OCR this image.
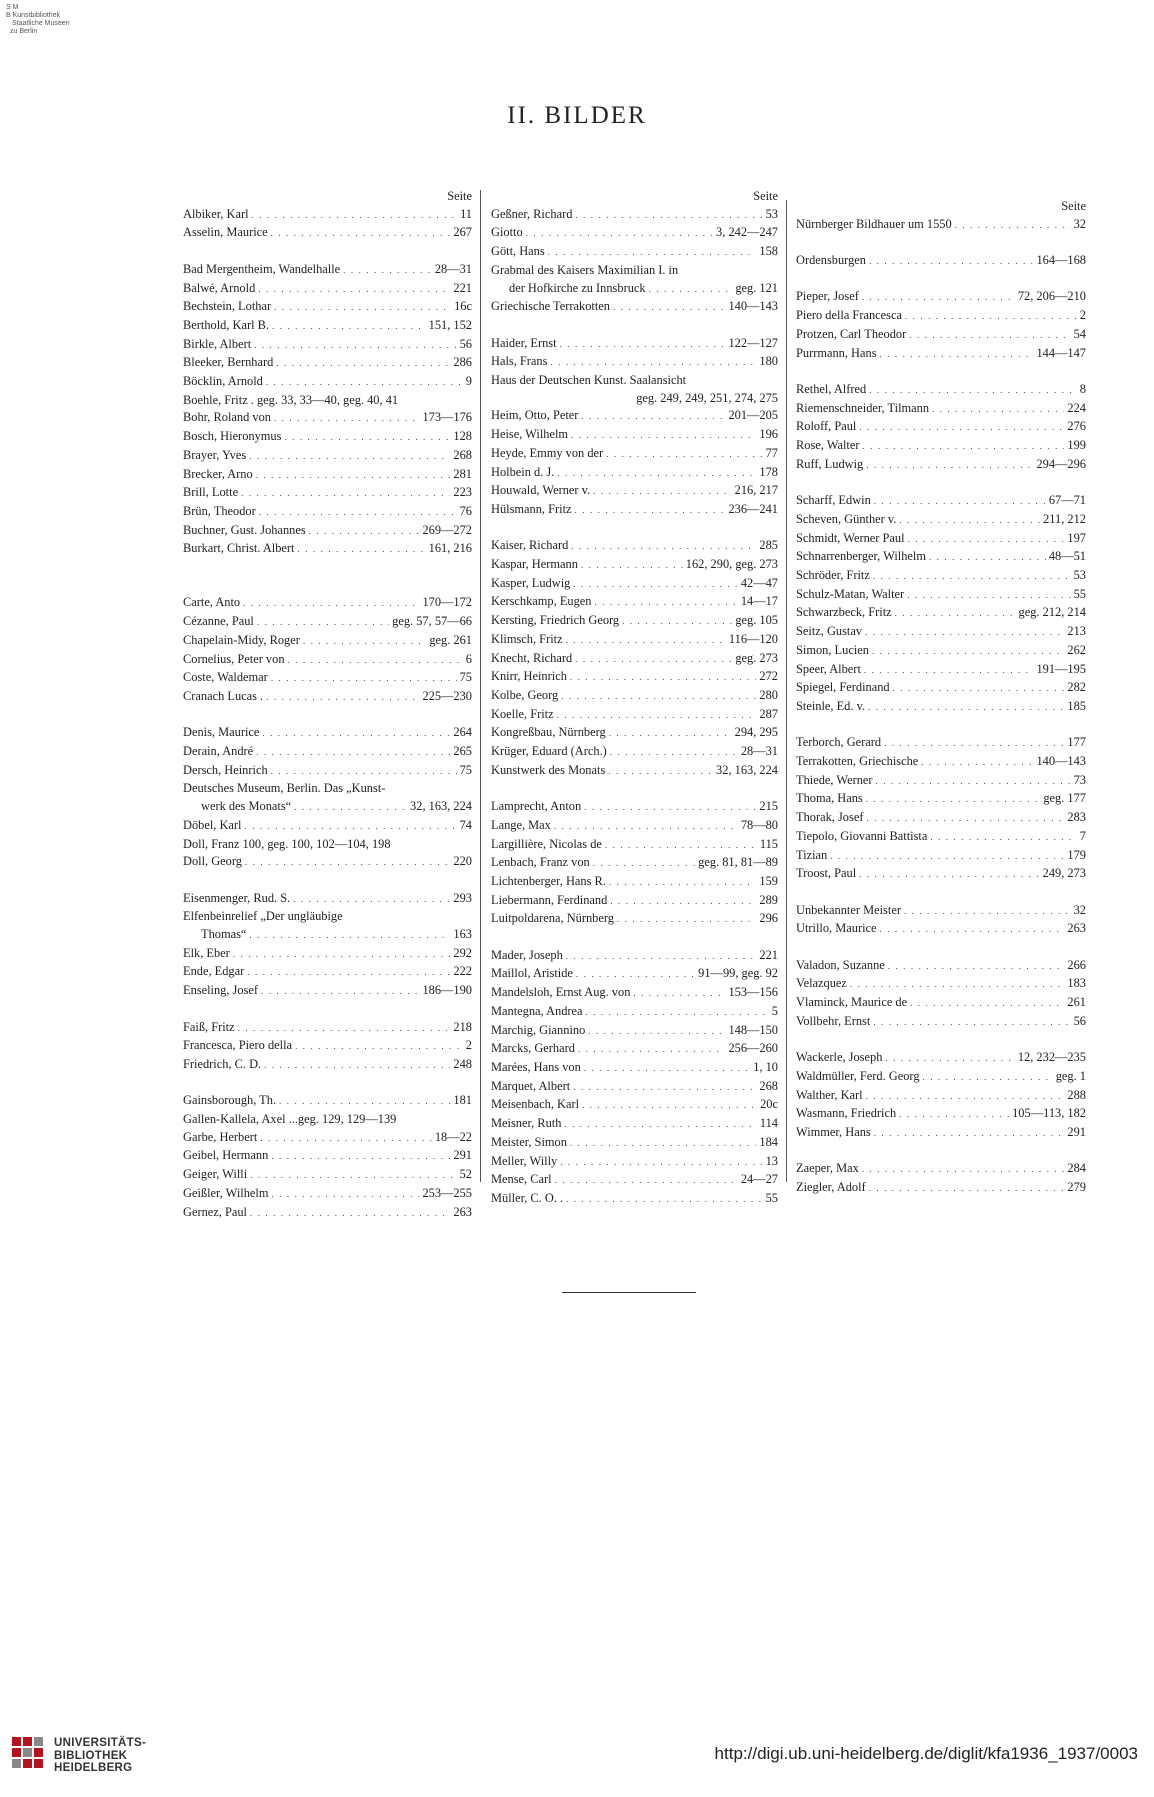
S M
B Kunstbibliothek
Staatliche Museen
zu Berlin
II. BILDER
Seite
Albiker, Karl . . .	11
Asselin, Maurice . . .	267
Bad Mergentheim, Wandelhalle . . .	28—31
Balwé, Arnold . . .	221
Bechstein, Lothar . . .	16c
Berthold, Karl B. . . .	151, 152
Birkle, Albert . . .	56
Bleeker, Bernhard . . .	286
Böcklin, Arnold . . .	9
Boehle, Fritz . geg. 33, 33—40, geg. 40, 41
Bohr, Roland von . . .	173—176
Bosch, Hieronymus . . .	128
Brayer, Yves . . .	268
Brecker, Arno . . .	281
Brill, Lotte . . .	223
Brün, Theodor . . .	76
Buchner, Gust. Johannes . . .	269—272
Burkart, Christ. Albert . . .	161, 216
Carte, Anto . . .	170—172
Cézanne, Paul . . .	geg. 57, 57—66
Chapelain-Midy, Roger . . .	geg. 261
Cornelius, Peter von . . .	6
Coste, Waldemar . . .	75
Cranach Lucas . . . .	225—230
Denis, Maurice . . .	264
Derain, André . . .	265
Dersch, Heinrich . . .	75
Deutsches Museum, Berlin. Das „Kunst-
werk des Monats“ . . .	32, 163, 224
Döbel, Karl . . .	74
Doll, Franz 100, geg. 100, 102—104, 198
Doll, Georg . . .	220
Eisenmenger, Rud. S. . . .	293
Elfenbeinrelief „Der ungläubige
Thomas“ . . .	163
Elk, Eber . . .	292
Ende, Edgar . . .	222
Enseling, Josef . . .	186—190
Faiß, Fritz . . .	218
Francesca, Piero della . . .	2
Friedrich, C. D. . . .	248
Gainsborough, Th. . . .	181
Gallen-Kallela, Axel ...geg. 129, 129—139
Garbe, Herbert . . .	18—22
Geibel, Hermann . . .	291
Geiger, Willi . . .	52
Geißler, Wilhelm . . .	253—255
Gernez, Paul . . .	263
Seite
Geßner, Richard . . .	53
Giotto . . .	3, 242—247
Gött, Hans . . .	158
Grabmal des Kaisers Maximilian I. in
der Hofkirche zu Innsbruck . . .	geg. 121
Griechische Terrakotten . . .	140—143
Haider, Ernst . . .	122—127
Hals, Frans . . .	180
Haus der Deutschen Kunst. Saalansicht
geg. 249, 249, 251, 274, 275
Heim, Otto, Peter . . .	201—205
Heise, Wilhelm . . .	196
Heyde, Emmy von der . . .	77
Holbein d. J. . . .	178
Houwald, Werner v. . . .	216, 217
Hülsmann, Fritz . . .	236—241
Kaiser, Richard . . .	285
Kaspar, Hermann . . .	162, 290, geg. 273
Kasper, Ludwig . . .	42—47
Kerschkamp, Eugen . . .	14—17
Kersting, Friedrich Georg . . .	geg. 105
Klimsch, Fritz . . .	116—120
Knecht, Richard . . .	geg. 273
Knirr, Heinrich . . .	272
Kolbe, Georg . . .	280
Koelle, Fritz . . .	287
Kongreßbau, Nürnberg . . .	294, 295
Krüger, Eduard (Arch.) . . .	28—31
Kunstwerk des Monats . . .	32, 163, 224
Lamprecht, Anton . . .	215
Lange, Max . . .	78—80
Largillière, Nicolas de . . .	115
Lenbach, Franz von . . .	geg. 81, 81—89
Lichtenberger, Hans R. . . .	159
Liebermann, Ferdinand . . .	289
Luitpoldarena, Nürnberg . . .	296
Mader, Joseph . . .	221
Maillol, Aristide . . .	91—99, geg. 92
Mandelsloh, Ernst Aug. von . . .	153—156
Mantegna, Andrea . . .	5
Marchig, Giannino . . .	148—150
Marcks, Gerhard . . .	256—260
Marées, Hans von . . .	1, 10
Marquet, Albert . . .	268
Meisenbach, Karl . . .	20c
Meisner, Ruth . . .	114
Meister, Simon . . .	184
Meller, Willy . . .	13
Mense, Carl . . .	24—27
Müller, C. O. . . . .	55
Seite
Nürnberger Bildhauer um 1550 . . .	32
Ordensburgen . . .	164—168
Pieper, Josef . . .	72, 206—210
Piero della Francesca . . .	2
Protzen, Carl Theodor . . .	54
Purrmann, Hans . . .	144—147
Rethel, Alfred . . .	8
Riemenschneider, Tilmann . . .	224
Roloff, Paul . . .	276
Rose, Walter . . .	199
Ruff, Ludwig . . .	294—296
Scharff, Edwin . . .	67—71
Scheven, Günther v. . . .	211, 212
Schmidt, Werner Paul . . .	197
Schnarrenberger, Wilhelm . . .	48—51
Schröder, Fritz . . .	53
Schulz-Matan, Walter . . .	55
Schwarzbeck, Fritz . . .	geg. 212, 214
Seitz, Gustav . . .	213
Simon, Lucien . . .	262
Speer, Albert . . .	191—195
Spiegel, Ferdinand . . .	282
Steinle, Ed. v. . . .	185
Terborch, Gerard . . .	177
Terrakotten, Griechische . . .	140—143
Thiede, Werner . . .	73
Thoma, Hans . . .	geg. 177
Thorak, Josef . . .	283
Tiepolo, Giovanni Battista . . .	7
Tizian . . .	179
Troost, Paul . . .	249, 273
Unbekannter Meister . . .	32
Utrillo, Maurice . . .	263
Valadon, Suzanne . . .	266
Velazquez . . .	183
Vlaminck, Maurice de . . .	261
Vollbehr, Ernst . . .	56
Wackerle, Joseph . . .	12, 232—235
Waldmüller, Ferd. Georg . . .	geg. 1
Walther, Karl . . .	288
Wasmann, Friedrich . . .	105—113, 182
Wimmer, Hans . . .	291
Zaeper, Max . . .	284
Ziegler, Adolf . . .	279
UNIVERSITÄTS-
BIBLIOTHEK
HEIDELBERG
http://digi.ub.uni-heidelberg.de/diglit/kfa1936_1937/0003
